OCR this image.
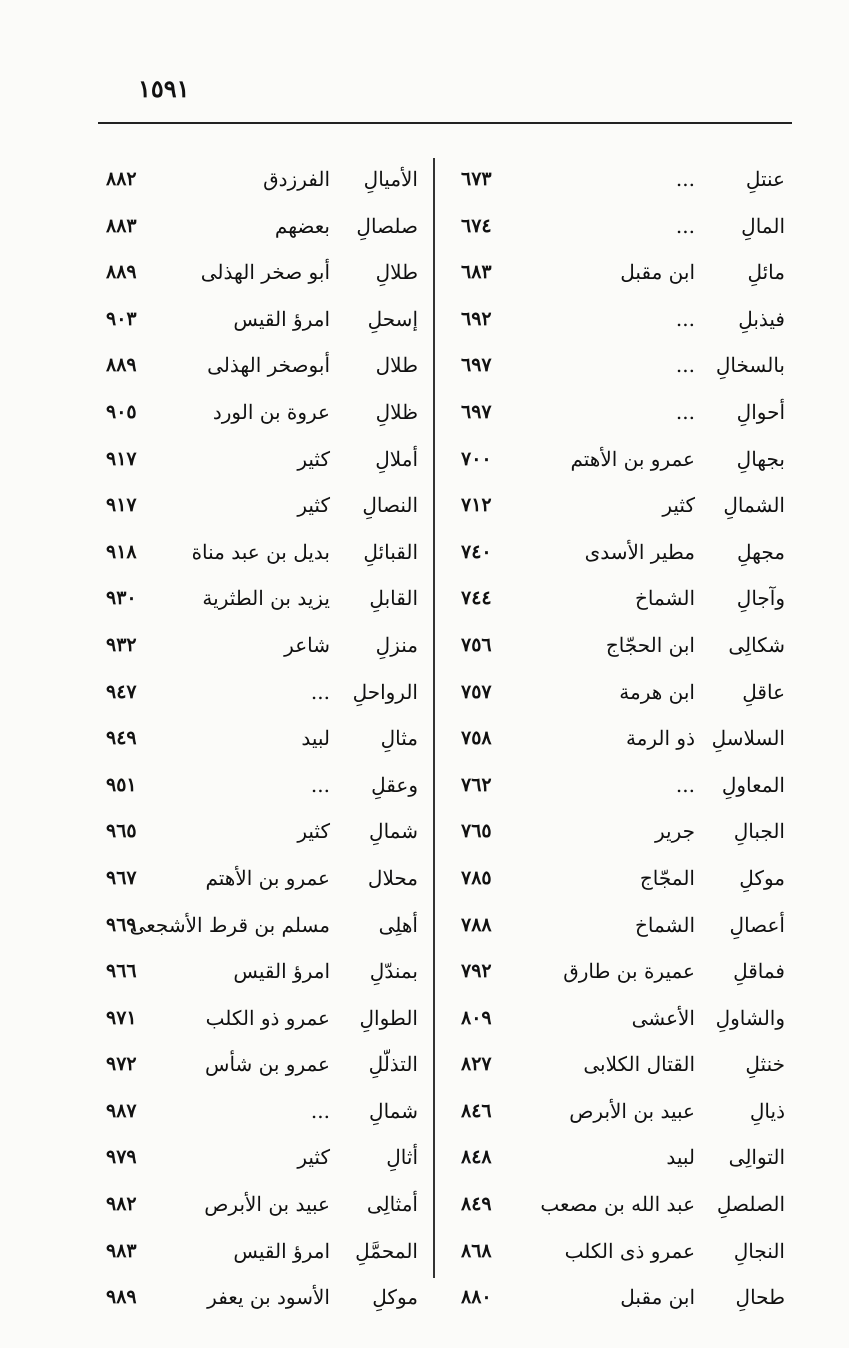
١٥٩١
عنتلِ
...
٦٧٣
المالِ
...
٦٧٤
مائلِ
ابن مقبل
٦٨٣
فيذبلِ
...
٦٩٢
بالسخالِ
...
٦٩٧
أحوالِ
...
٦٩٧
بجهالِ
عمرو بن الأهتم
٧٠٠
الشمالِ
كثير
٧١٢
مجهلِ
مطير الأسدى
٧٤٠
وآجالِ
الشماخ
٧٤٤
شكالِى
ابن الحجّاج
٧٥٦
عاقلِ
ابن هرمة
٧٥٧
السلاسلِ
ذو الرمة
٧٥٨
المعاولِ
...
٧٦٢
الجبالِ
جرير
٧٦٥
موكلِ
المجّاج
٧٨٥
أعصالِ
الشماخ
٧٨٨
فماقلِ
عميرة بن طارق
٧٩٢
والشاولِ
الأعشى
٨٠٩
خنثلِ
القتال الكلابى
٨٢٧
ذيالِ
عبيد بن الأبرص
٨٤٦
التوالِى
لبيد
٨٤٨
الصلصلِ
عبد الله بن مصعب
٨٤٩
النجالِ
عمرو ذى الكلب
٨٦٨
طحالِ
ابن مقبل
٨٨٠
الأميالِ
الفرزدق
٨٨٢
صلصالِ
بعضهم
٨٨٣
طلالِ
أبو صخر الهذلى
٨٨٩
إسحلِ
امرؤ القيس
٩٠٣
طلال
أبوصخر الهذلى
٨٨٩
ظلالِ
عروة بن الورد
٩٠٥
أملالِ
كثير
٩١٧
النصالِ
كثير
٩١٧
القبائلِ
بديل بن عبد مناة
٩١٨
القابلِ
يزيد بن الطثرية
٩٣٠
منزلِ
شاعر
٩٣٢
الرواحلِ
...
٩٤٧
مثالِ
لبيد
٩٤٩
وعقلِ
...
٩٥١
شمالِ
كثير
٩٦٥
محلال
عمرو بن الأهتم
٩٦٧
أهلِى
مسلم بن قرط الأشجعى
٩٦٩
بمندّلِ
امرؤ القيس
٩٦٦
الطوالِ
عمرو ذو الكلب
٩٧١
التذلّلِ
عمرو بن شأس
٩٧٢
شمالِ
...
٩٨٧
أثالِ
كثير
٩٧٩
أمثالِى
عبيد بن الأبرص
٩٨٢
المحمَّلِ
امرؤ القيس
٩٨٣
موكلِ
الأسود بن يعفر
٩٨٩
